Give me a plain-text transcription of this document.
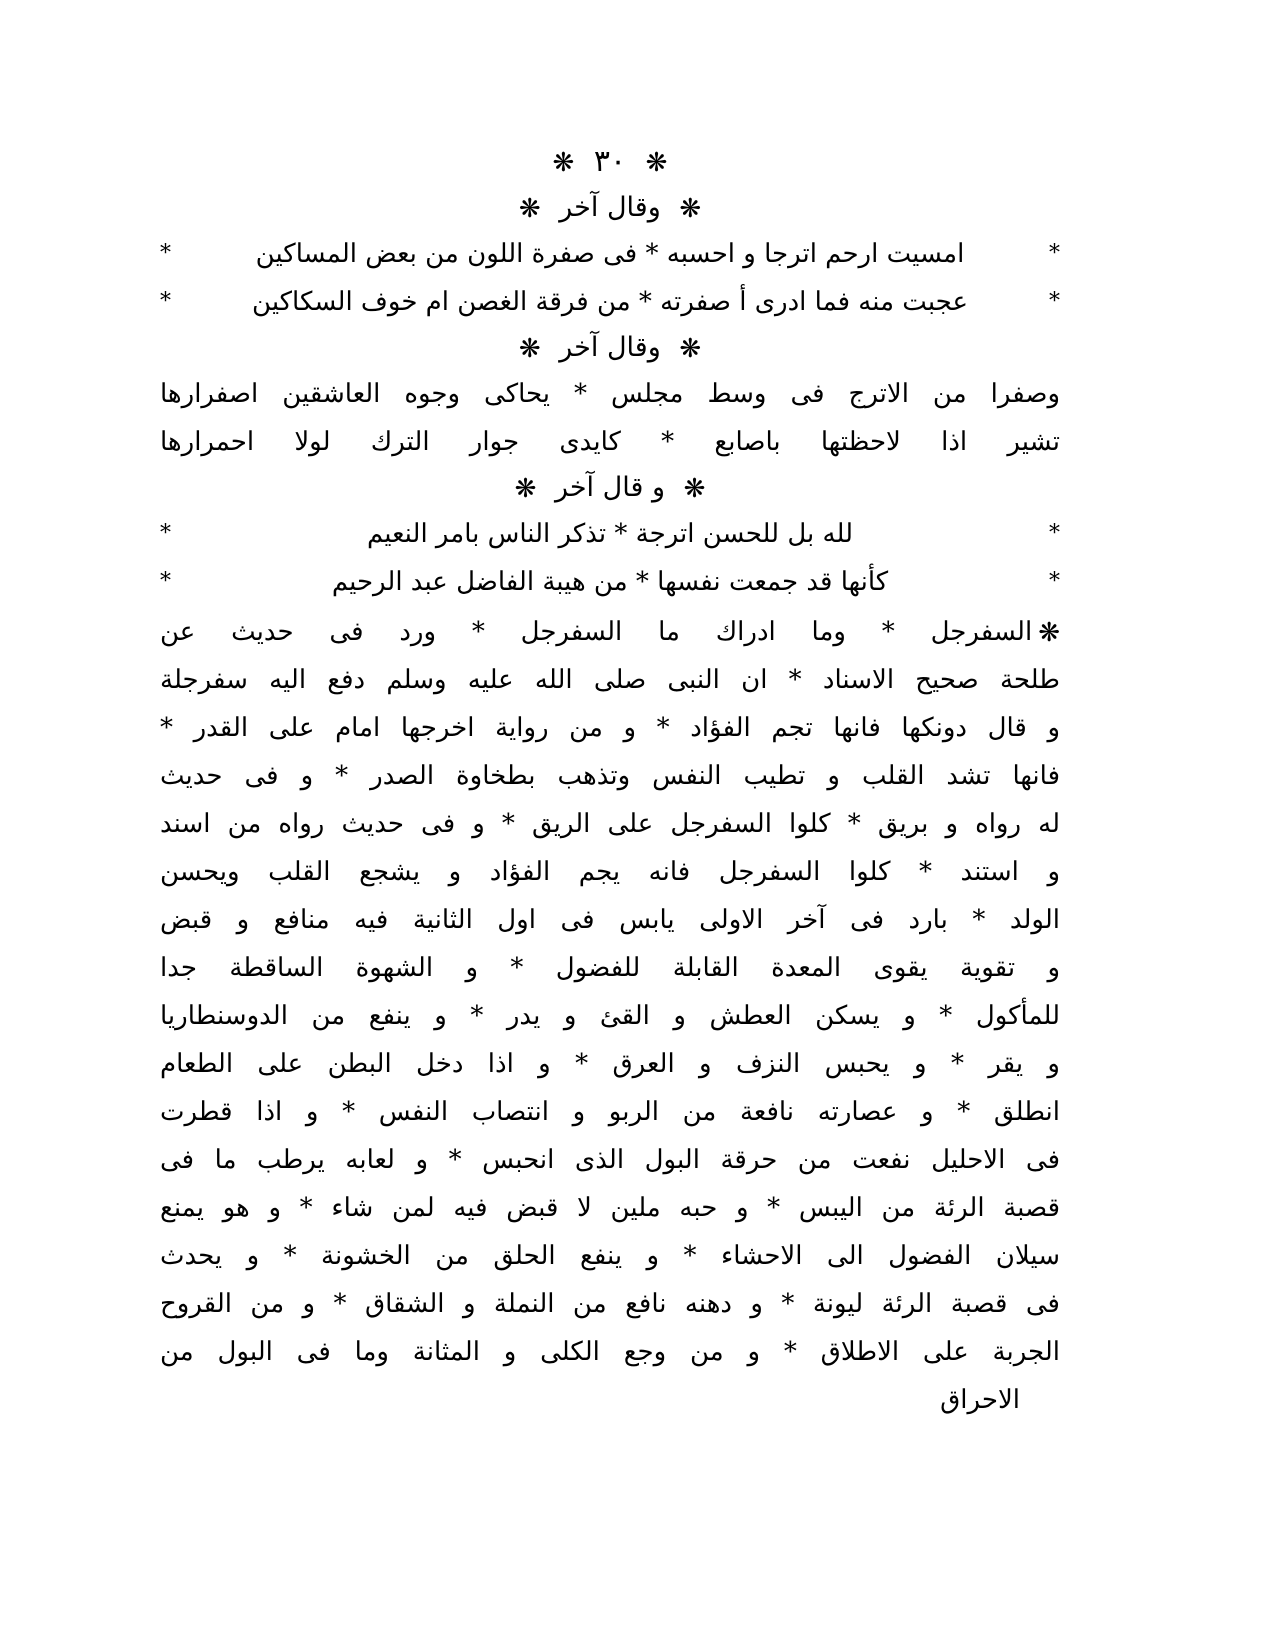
❋ ٣٠ ❋
❋ وقال آخر ❋
*
امسيت ارحم اترجا و احسبه * فى صفرة اللون من بعض المساكين
*
*
عجبت منه فما ادرى أ صفرته * من فرقة الغصن ام خوف السكاكين
*
❋ وقال آخر ❋
وصفرا من الاترج فى وسط مجلس * يحاكى وجوه العاشقين اصفرارها
تشير اذا لاحظتها باصابع * كايدى جوار الترك لولا احمرارها
❋ و قال آخر ❋
*
لله بل للحسن اترجة * تذكر الناس بامر النعيم
*
*
كأنها قد جمعت نفسها * من هيبة الفاضل عبد الرحيم
*
❋السفرجل * وما ادراك ما السفرجل * ورد فى حديث عن
طلحة صحيح الاسناد * ان النبى صلى الله عليه وسلم دفع اليه سفرجلة
و قال دونكها فانها تجم الفؤاد * و من رواية اخرجها امام على القدر *
فانها تشد القلب و تطيب النفس وتذهب بطخاوة الصدر * و فى حديث
له رواه و بريق * كلوا السفرجل على الريق * و فى حديث رواه من اسند
و استند * كلوا السفرجل فانه يجم الفؤاد و يشجع القلب ويحسن
الولد * بارد فى آخر الاولى يابس فى اول الثانية فيه منافع و قبض
و تقوية يقوى المعدة القابلة للفضول * و الشهوة الساقطة جدا
للمأكول * و يسكن العطش و القئ و يدر * و ينفع من الدوسنطاريا
و يقر * و يحبس النزف و العرق * و اذا دخل البطن على الطعام
انطلق * و عصارته نافعة من الربو و انتصاب النفس * و اذا قطرت
فى الاحليل نفعت من حرقة البول الذى انحبس * و لعابه يرطب ما فى
قصبة الرئة من اليبس * و حبه ملين لا قبض فيه لمن شاء * و هو يمنع
سيلان الفضول الى الاحشاء * و ينفع الحلق من الخشونة * و يحدث
فى قصبة الرئة ليونة * و دهنه نافع من النملة و الشقاق * و من القروح
الجربة على الاطلاق * و من وجع الكلى و المثانة وما فى البول من
الاحراق
